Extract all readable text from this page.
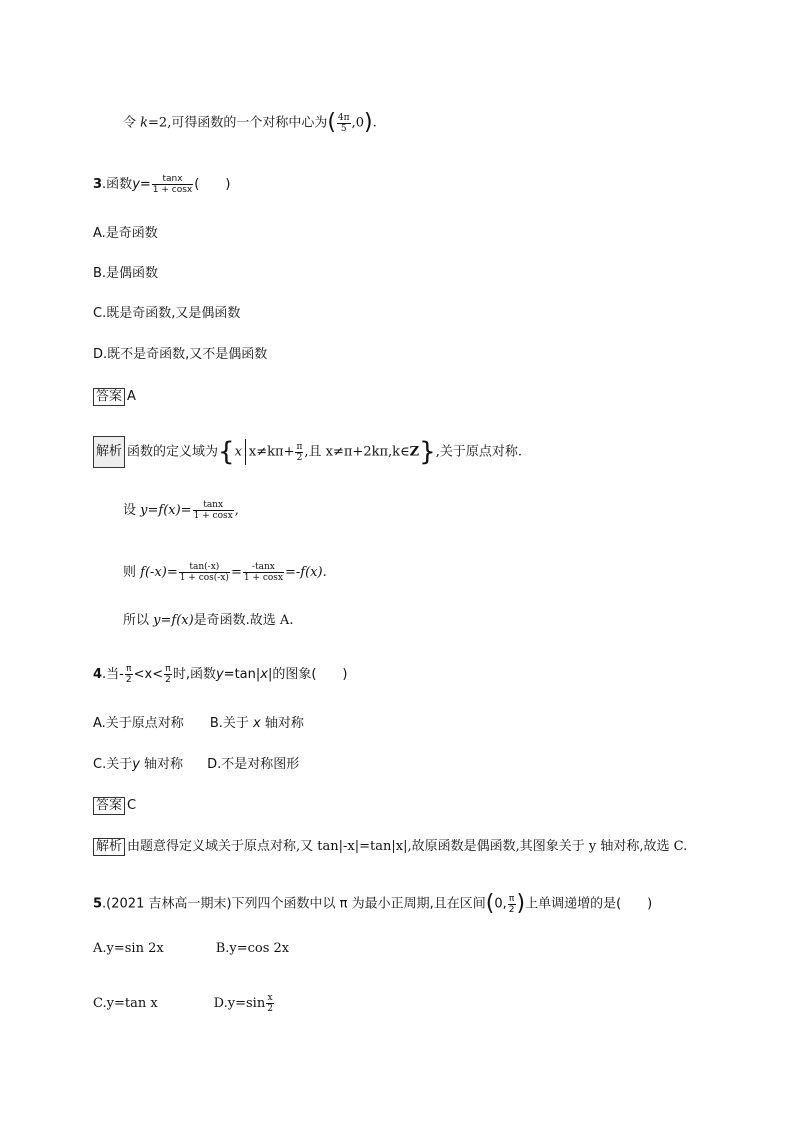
令 k=2,可得函数的一个对称中心为( $\frac{4\pi}{5} ,0$).
3.函数$y= \frac{\tan x}{1 + \cos x}$ (　　)
A.是奇函数
B.是偶函数
C.既是奇函数,又是偶函数
D.既不是奇函数,又不是偶函数
答案 A
解析 函数的定义域为{x $x\ne k\pi+ \frac{\pi}{2}$ ,且 x≠π+2kπ,k∈Z},关于原点对称.
设 $y=f(x)= \frac{\tan x}{1 + \cos x}$ ,
则 $f(-x)= \frac{\tan(-x)}{1 + \cos(-x)} = \frac{-\tan x}{1 + \cos x} =-f(x)$.
所以 y=f(x)是奇函数.故选 A.
4.当- $\frac{\pi}{2} <x< \frac{\pi}{2}$ 时,函数y=tan|x|的图象(　　)
A.关于原点对称 B.关于 x 轴对称
C.关于y 轴对称 D.不是对称图形
答案 C
解析 由题意得定义域关于原点对称,又 tan|-x|=tan|x|,故原函数是偶函数,其图象关于 y 轴对称,故选 C.
5.(2021 吉林高一期末)下列四个函数中以 π 为最小正周期,且在区间(0, $\frac{\pi}{2}$ )上单调递增的是(　　)
A.y=sin 2x	B.y=cos 2x
C.y=tan x	$D.y=\sin \frac{x}{2}$
